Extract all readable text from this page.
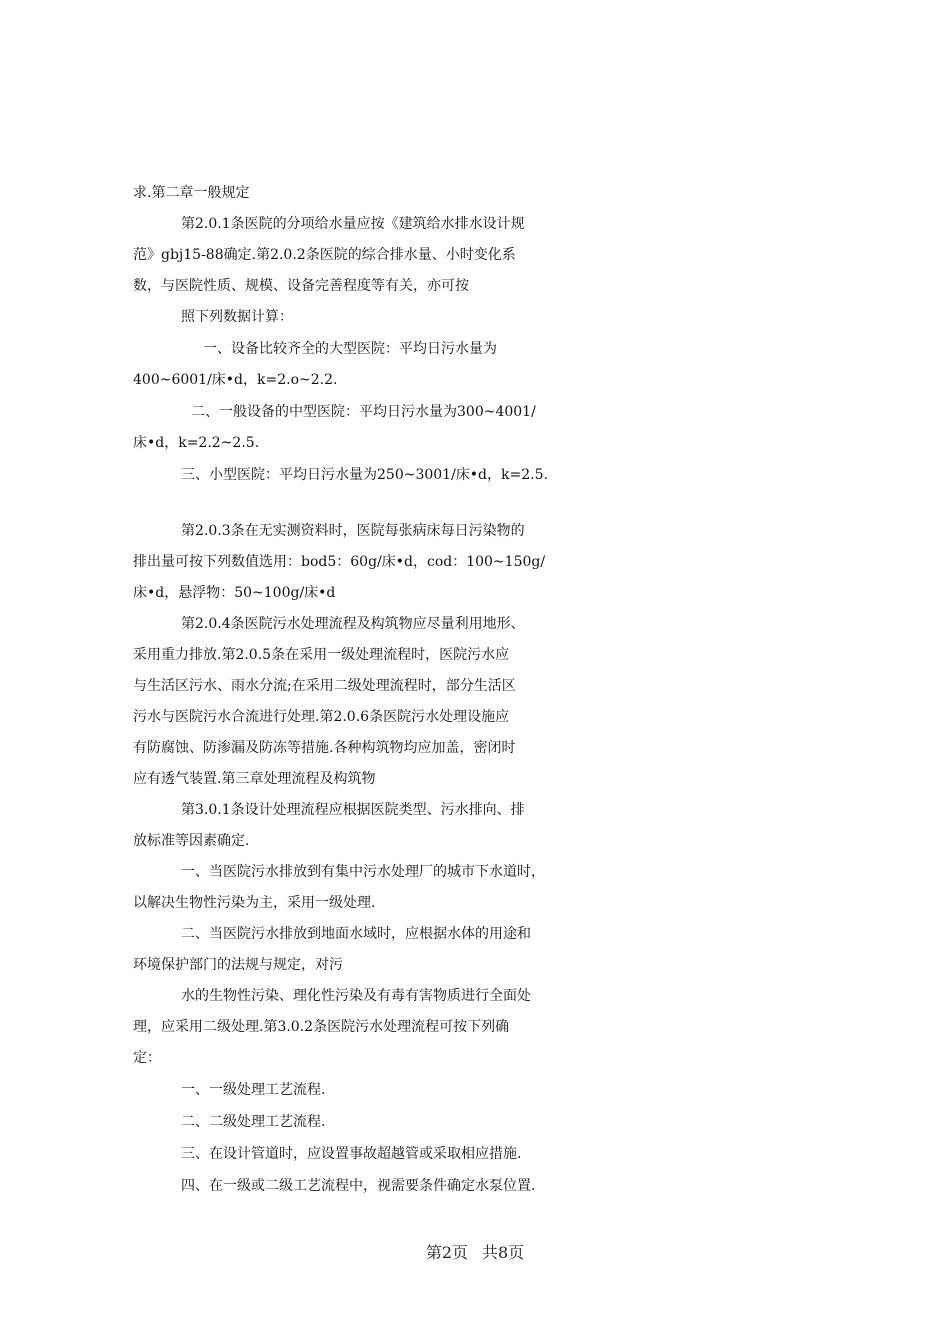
求.第二章一般规定
第2.0.1条医院的分项给水量应按《建筑给水排水设计规
范》gbj15-88确定.第2.0.2条医院的综合排水量、小时变化系
数，与医院性质、规模、设备完善程度等有关，亦可按
照下列数据计算：
一、设备比较齐全的大型医院：平均日污水量为
400~6001/床•d，k=2.o~2.2.
二、一般设备的中型医院：平均日污水量为300~4001/
床•d，k=2.2~2.5.
三、小型医院：平均日污水量为250~3001/床•d，k=2.5.
第2.0.3条在无实测资料时，医院每张病床每日污染物的
排出量可按下列数值选用：bod5：60g/床•d，cod：100~150g/
床•d，悬浮物：50~100g/床•d
第2.0.4条医院污水处理流程及构筑物应尽量利用地形、
采用重力排放.第2.0.5条在采用一级处理流程时，医院污水应
与生活区污水、雨水分流;在采用二级处理流程时，部分生活区
污水与医院污水合流进行处理.第2.0.6条医院污水处理设施应
有防腐蚀、防渗漏及防冻等措施.各种构筑物均应加盖，密闭时
应有透气装置.第三章处理流程及构筑物
第3.0.1条设计处理流程应根据医院类型、污水排向、排
放标准等因素确定.
一、当医院污水排放到有集中污水处理厂的城市下水道时，
以解决生物性污染为主，采用一级处理.
二、当医院污水排放到地面水域时，应根据水体的用途和
环境保护部门的法规与规定，对污
水的生物性污染、理化性污染及有毒有害物质进行全面处
理，应采用二级处理.第3.0.2条医院污水处理流程可按下列确
定：
一、一级处理工艺流程.
二、二级处理工艺流程.
三、在设计管道时，应设置事故超越管或采取相应措施.
四、在一级或二级工艺流程中，视需要条件确定水泵位置.
第2页 共8页
